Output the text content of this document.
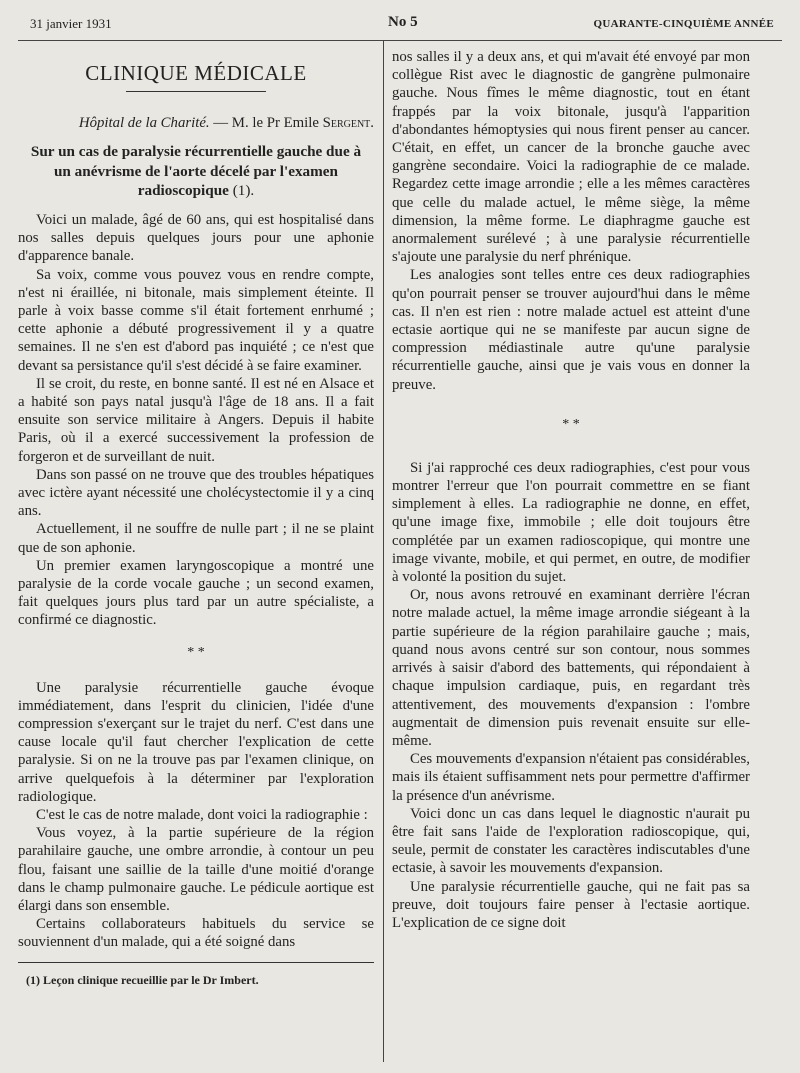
31 janvier 1931	No 5	QUARANTE-CINQUIÈME ANNÉE
CLINIQUE MÉDICALE
Hôpital de la Charité. — M. le Pr Emile Sergent.
Sur un cas de paralysie récurrentielle gauche due à un anévrisme de l'aorte décelé par l'examen radioscopique (1).

Voici un malade, âgé de 60 ans, qui est hospitalisé dans nos salles depuis quelques jours pour une aphonie d'apparence banale.

Sa voix, comme vous pouvez vous en rendre compte, n'est ni éraillée, ni bitonale, mais simplement éteinte. Il parle à voix basse comme s'il était fortement enrhumé ; cette aphonie a débuté progressivement il y a quatre semaines. Il ne s'en est d'abord pas inquiété ; ce n'est que devant sa persistance qu'il s'est décidé à se faire examiner.

Il se croit, du reste, en bonne santé. Il est né en Alsace et a habité son pays natal jusqu'à l'âge de 18 ans. Il a fait ensuite son service militaire à Angers. Depuis il habite Paris, où il a exercé successivement la profession de forgeron et de surveillant de nuit.

Dans son passé on ne trouve que des troubles hépatiques avec ictère ayant nécessité une cholécystectomie il y a cinq ans.

Actuellement, il ne souffre de nulle part ; il ne se plaint que de son aphonie.

Un premier examen laryngoscopique a montré une paralysie de la corde vocale gauche ; un second examen, fait quelques jours plus tard par un autre spécialiste, a confirmé ce diagnostic.

* *

Une paralysie récurrentielle gauche évoque immédiatement, dans l'esprit du clinicien, l'idée d'une compression s'exerçant sur le trajet du nerf. C'est dans une cause locale qu'il faut chercher l'explication de cette paralysie. Si on ne la trouve pas par l'examen clinique, on arrive quelquefois à la déterminer par l'exploration radiologique.

C'est le cas de notre malade, dont voici la radiographie :

Vous voyez, à la partie supérieure de la région parahilaire gauche, une ombre arrondie, à contour un peu flou, faisant une saillie de la taille d'une moitié d'orange dans le champ pulmonaire gauche. Le pédicule aortique est élargi dans son ensemble.

Certains collaborateurs habituels du service se souviennent d'un malade, qui a été soigné dans

(1) Leçon clinique recueillie par le Dr Imbert.

nos salles il y a deux ans, et qui m'avait été envoyé par mon collègue Rist avec le diagnostic de gangrène pulmonaire gauche. Nous fîmes le même diagnostic, tout en étant frappés par la voix bitonale, jusqu'à l'apparition d'abondantes hémoptysies qui nous firent penser au cancer. C'était, en effet, un cancer de la bronche gauche avec gangrène secondaire. Voici la radiographie de ce malade. Regardez cette image arrondie ; elle a les mêmes caractères que celle du malade actuel, le même siège, la même dimension, la même forme. Le diaphragme gauche est anormalement surélevé ; à une paralysie récurrentielle s'ajoute une paralysie du nerf phrénique.

Les analogies sont telles entre ces deux radiographies qu'on pourrait penser se trouver aujourd'hui dans le même cas. Il n'en est rien : notre malade actuel est atteint d'une ectasie aortique qui ne se manifeste par aucun signe de compression médiastinale autre qu'une paralysie récurrentielle gauche, ainsi que je vais vous en donner la preuve.

* *

Si j'ai rapproché ces deux radiographies, c'est pour vous montrer l'erreur que l'on pourrait commettre en se fiant simplement à elles. La radiographie ne donne, en effet, qu'une image fixe, immobile ; elle doit toujours être complétée par un examen radioscopique, qui montre une image vivante, mobile, et qui permet, en outre, de modifier à volonté la position du sujet.

Or, nous avons retrouvé en examinant derrière l'écran notre malade actuel, la même image arrondie siégeant à la partie supérieure de la région parahilaire gauche ; mais, quand nous avons centré sur son contour, nous sommes arrivés à saisir d'abord des battements, qui répondaient à chaque impulsion cardiaque, puis, en regardant très attentivement, des mouvements d'expansion : l'ombre augmentait de dimension puis revenait ensuite sur elle-même.

Ces mouvements d'expansion n'étaient pas considérables, mais ils étaient suffisamment nets pour permettre d'affirmer la présence d'un anévrisme.

Voici donc un cas dans lequel le diagnostic n'aurait pu être fait sans l'aide de l'exploration radioscopique, qui, seule, permit de constater les caractères indiscutables d'une ectasie, à savoir les mouvements d'expansion.

Une paralysie récurrentielle gauche, qui ne fait pas sa preuve, doit toujours faire penser à l'ectasie aortique. L'explication de ce signe doit
